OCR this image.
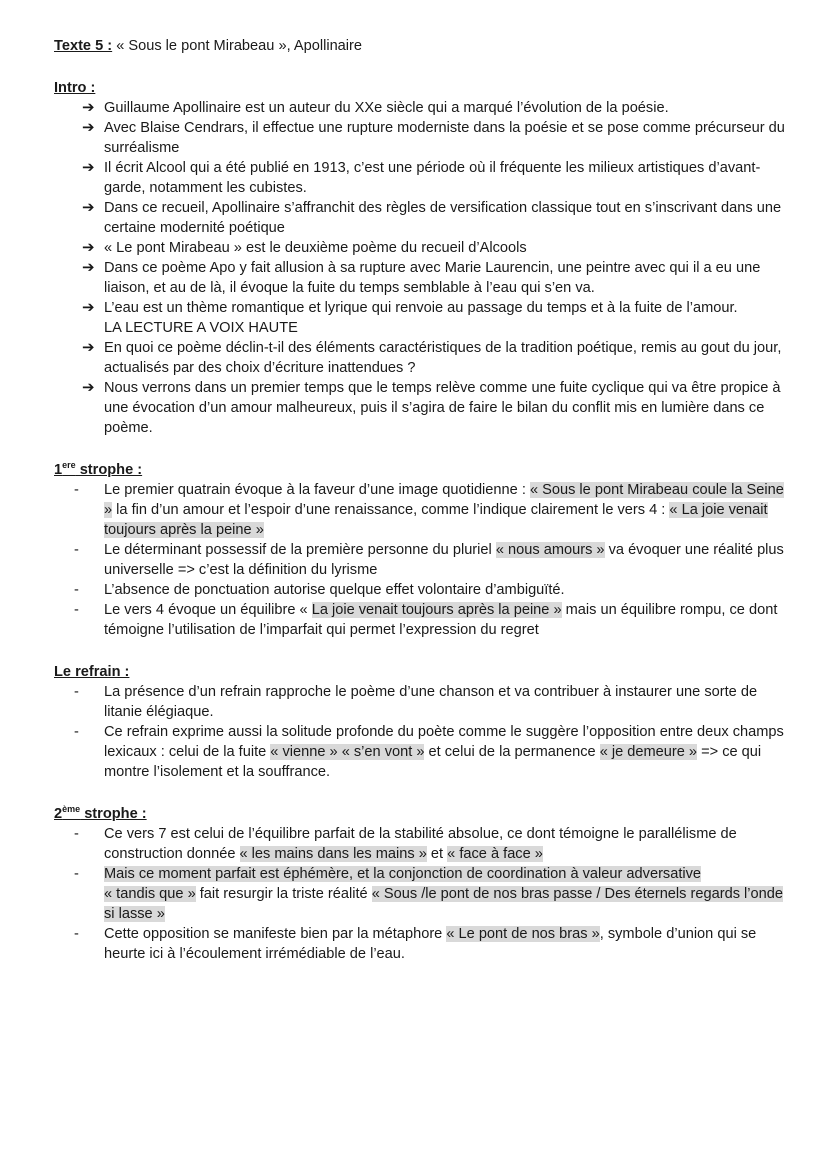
Texte 5 : « Sous le pont Mirabeau », Apollinaire
Intro :
➔ Guillaume Apollinaire est un auteur du XXe siècle qui a marqué l’évolution de la poésie.
➔ Avec Blaise Cendrars, il effectue une rupture moderniste dans la poésie et se pose comme précurseur du surréalisme
➔ Il écrit Alcool qui a été publié en 1913, c’est une période où il fréquente les milieux artistiques d’avant-garde, notamment les cubistes.
➔ Dans ce recueil, Apollinaire s’affranchit des règles de versification classique tout en s’inscrivant dans une certaine modernité poétique
➔ « Le pont Mirabeau » est le deuxième poème du recueil d’Alcools
➔ Dans ce poème Apo y fait allusion à sa rupture avec Marie Laurencin, une peintre avec qui il a eu une liaison, et au de là, il évoque la fuite du temps semblable à l’eau qui s’en va.
➔ L’eau est un thème romantique et lyrique qui renvoie au passage du temps et à la fuite de l’amour.
LA LECTURE A VOIX HAUTE
➔ En quoi ce poème déclin-t-il des éléments caractéristiques de la tradition poétique, remis au gout du jour, actualisés par des choix d’écriture inattendues ?
➔ Nous verrons dans un premier temps que le temps relève comme une fuite cyclique qui va être propice à une évocation d’un amour malheureux, puis il s’agira de faire le bilan du conflit mis en lumière dans ce poème.
1ere strophe :
-	Le premier quatrain évoque à la faveur d’une image quotidienne : « Sous le pont Mirabeau coule la Seine » la fin d’un amour et l’espoir d’une renaissance, comme l’indique clairement le vers 4 : « La joie venait toujours après la peine »
-	Le déterminant possessif de la première personne du pluriel « nous amours » va évoquer une réalité plus universelle => c’est la définition du lyrisme
-	L’absence de ponctuation autorise quelque effet volontaire d’ambiguïté.
-	Le vers 4 évoque un équilibre « La joie venait toujours après la peine » mais un équilibre rompu, ce dont témoigne l’utilisation de l’imparfait qui permet l’expression du regret
Le refrain :
-	La présence d’un refrain rapproche le poème d’une chanson et va contribuer à instaurer une sorte de litanie élégiaque.
-	Ce refrain exprime aussi la solitude profonde du poète comme le suggère l’opposition entre deux champs lexicaux : celui de la fuite « vienne » « s’en vont » et celui de la permanence « je demeure » => ce qui montre l’isolement et la souffrance.
2ème strophe :
-	Ce vers 7 est celui de l’équilibre parfait de la stabilité absolue, ce dont témoigne le parallélisme de construction donnée « les mains dans les mains » et « face à face »
-	Mais ce moment parfait est éphémère, et la conjonction de coordination à valeur adversative
« tandis que » fait resurgir la triste réalité « Sous /le pont de nos bras passe / Des éternels regards l’onde si lasse »
-	Cette opposition se manifeste bien par la métaphore « Le pont de nos bras », symbole d’union qui se heurte ici à l’écoulement irrémédiable de l’eau.
